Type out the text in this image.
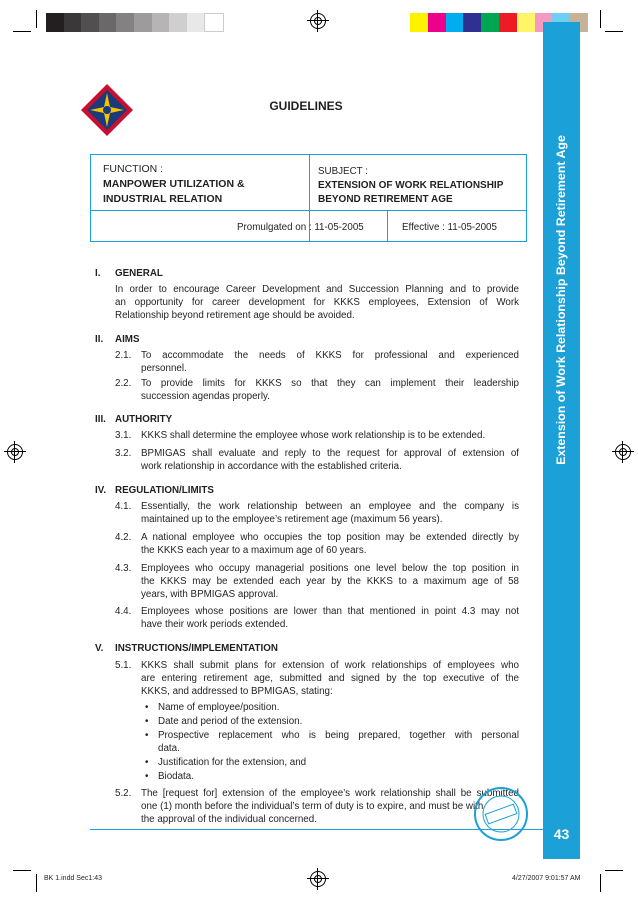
Extension of Work Relationship Beyond Retirement Age
43
GUIDELINES
FUNCTION :
MANPOWER UTILIZATION &
INDUSTRIAL RELATION
SUBJECT :
EXTENSION OF WORK RELATIONSHIP
BEYOND RETIREMENT AGE
Promulgated on : 11-05-2005	Effective : 11-05-2005
I. GENERAL
In order to encourage Career Development and Succession Planning and to provide
an opportunity for career development for KKKS employees, Extension of Work
Relationship beyond retirement age should be avoided.
II. AIMS
2.1. To accommodate the needs of KKKS for professional and experienced
personnel.
2.2. To provide limits for KKKS so that they can implement their leadership
succession agendas properly.
III. AUTHORITY
3.1. KKKS shall determine the employee whose work relationship is to be extended.
3.2. BPMIGAS shall evaluate and reply to the request for approval of extension of
work relationship in accordance with the established criteria.
IV. REGULATION/LIMITS
4.1. Essentially, the work relationship between an employee and the company is
maintained up to the employee’s retirement age (maximum 56 years).
4.2. A national employee who occupies the top position may be extended directly by
the KKKS each year to a maximum age of 60 years.
4.3. Employees who occupy managerial positions one level below the top position in
the KKKS may be extended each year by the KKKS to a maximum age of 58
years, with BPMIGAS approval.
4.4. Employees whose positions are lower than that mentioned in point 4.3 may not
have their work periods extended.
V. INSTRUCTIONS/IMPLEMENTATION
5.1. KKKS shall submit plans for extension of work relationships of employees who
are entering retirement age, submitted and signed by the top executive of the
KKKS, and addressed to BPMIGAS, stating:
• Name of employee/position.
• Date and period of the extension.
• Prospective replacement who is being prepared, together with personal
data.
• Justification for the extension, and
• Biodata.
5.2. The [request for] extension of the employee’s work relationship shall be submitted
one (1) month before the individual’s term of duty is to expire, and must be with
the approval of the individual concerned.
BK 1.indd Sec1:43	4/27/2007 9:01:57 AM
